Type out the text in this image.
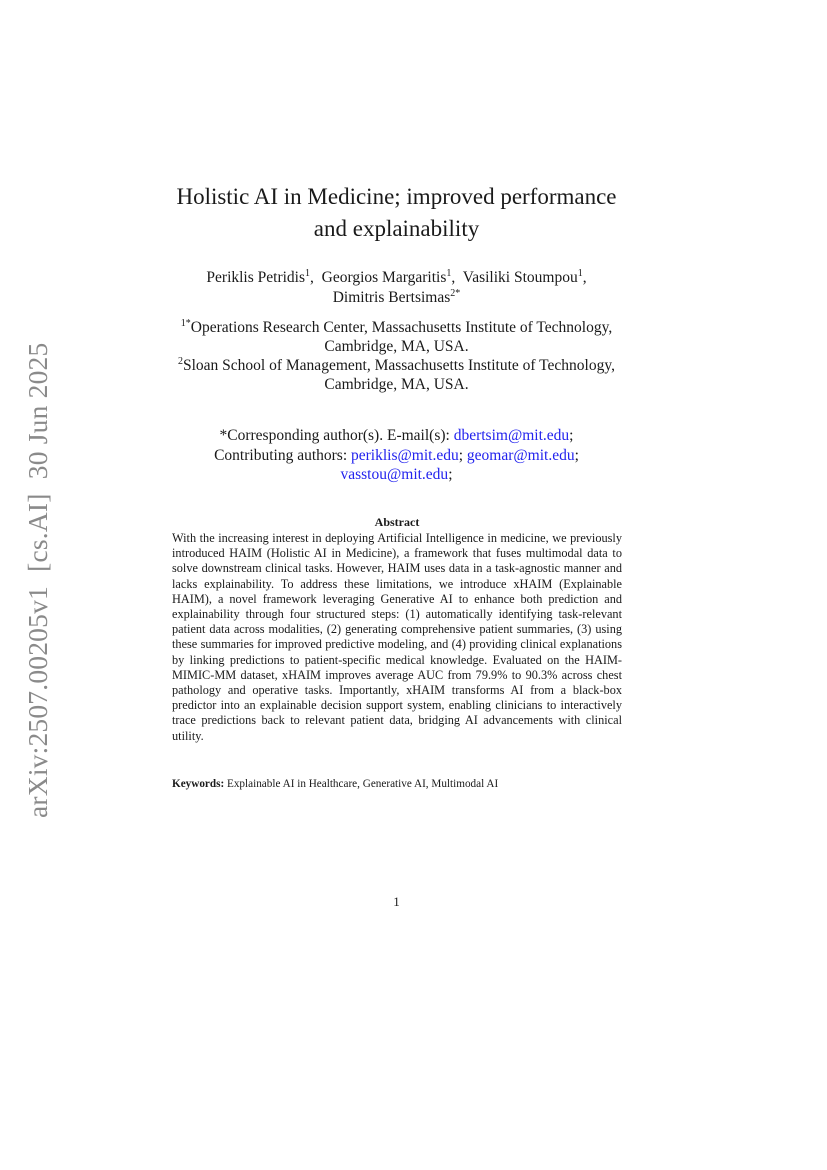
arXiv:2507.00205v1  [cs.AI]  30 Jun 2025
Holistic AI in Medicine; improved performance
and explainability
Periklis Petridis$^1$,  Georgios Margaritis$^1$,  Vasiliki Stoumpou$^1$,
Dimitris Bertsimas$^{2*}$
$^{1*}$Operations Research Center, Massachusetts Institute of Technology,
Cambridge, MA, USA.
$^2$Sloan School of Management, Massachusetts Institute of Technology,
Cambridge, MA, USA.
*Corresponding author(s). E-mail(s): dbertsim@mit.edu;
Contributing authors: periklis@mit.edu; geomar@mit.edu;
vasstou@mit.edu;
Abstract
With the increasing interest in deploying Artificial Intelligence in medicine, we previously introduced HAIM (Holistic AI in Medicine), a framework that fuses multimodal data to solve downstream clinical tasks. However, HAIM uses data in a task-agnostic manner and lacks explainability. To address these limitations, we introduce xHAIM (Explainable HAIM), a novel framework leveraging Generative AI to enhance both prediction and explainability through four structured steps: (1) automatically identifying task-relevant patient data across modalities, (2) generating comprehensive patient summaries, (3) using these summaries for improved predictive modeling, and (4) providing clinical explanations by linking predictions to patient-specific medical knowledge. Evaluated on the HAIM-MIMIC-MM dataset, xHAIM improves average AUC from 79.9% to 90.3% across chest pathology and operative tasks. Importantly, xHAIM transforms AI from a black-box predictor into an explainable decision support system, enabling clinicians to interactively trace predictions back to relevant patient data, bridging AI advancements with clinical utility.
Keywords: Explainable AI in Healthcare, Generative AI, Multimodal AI
1
